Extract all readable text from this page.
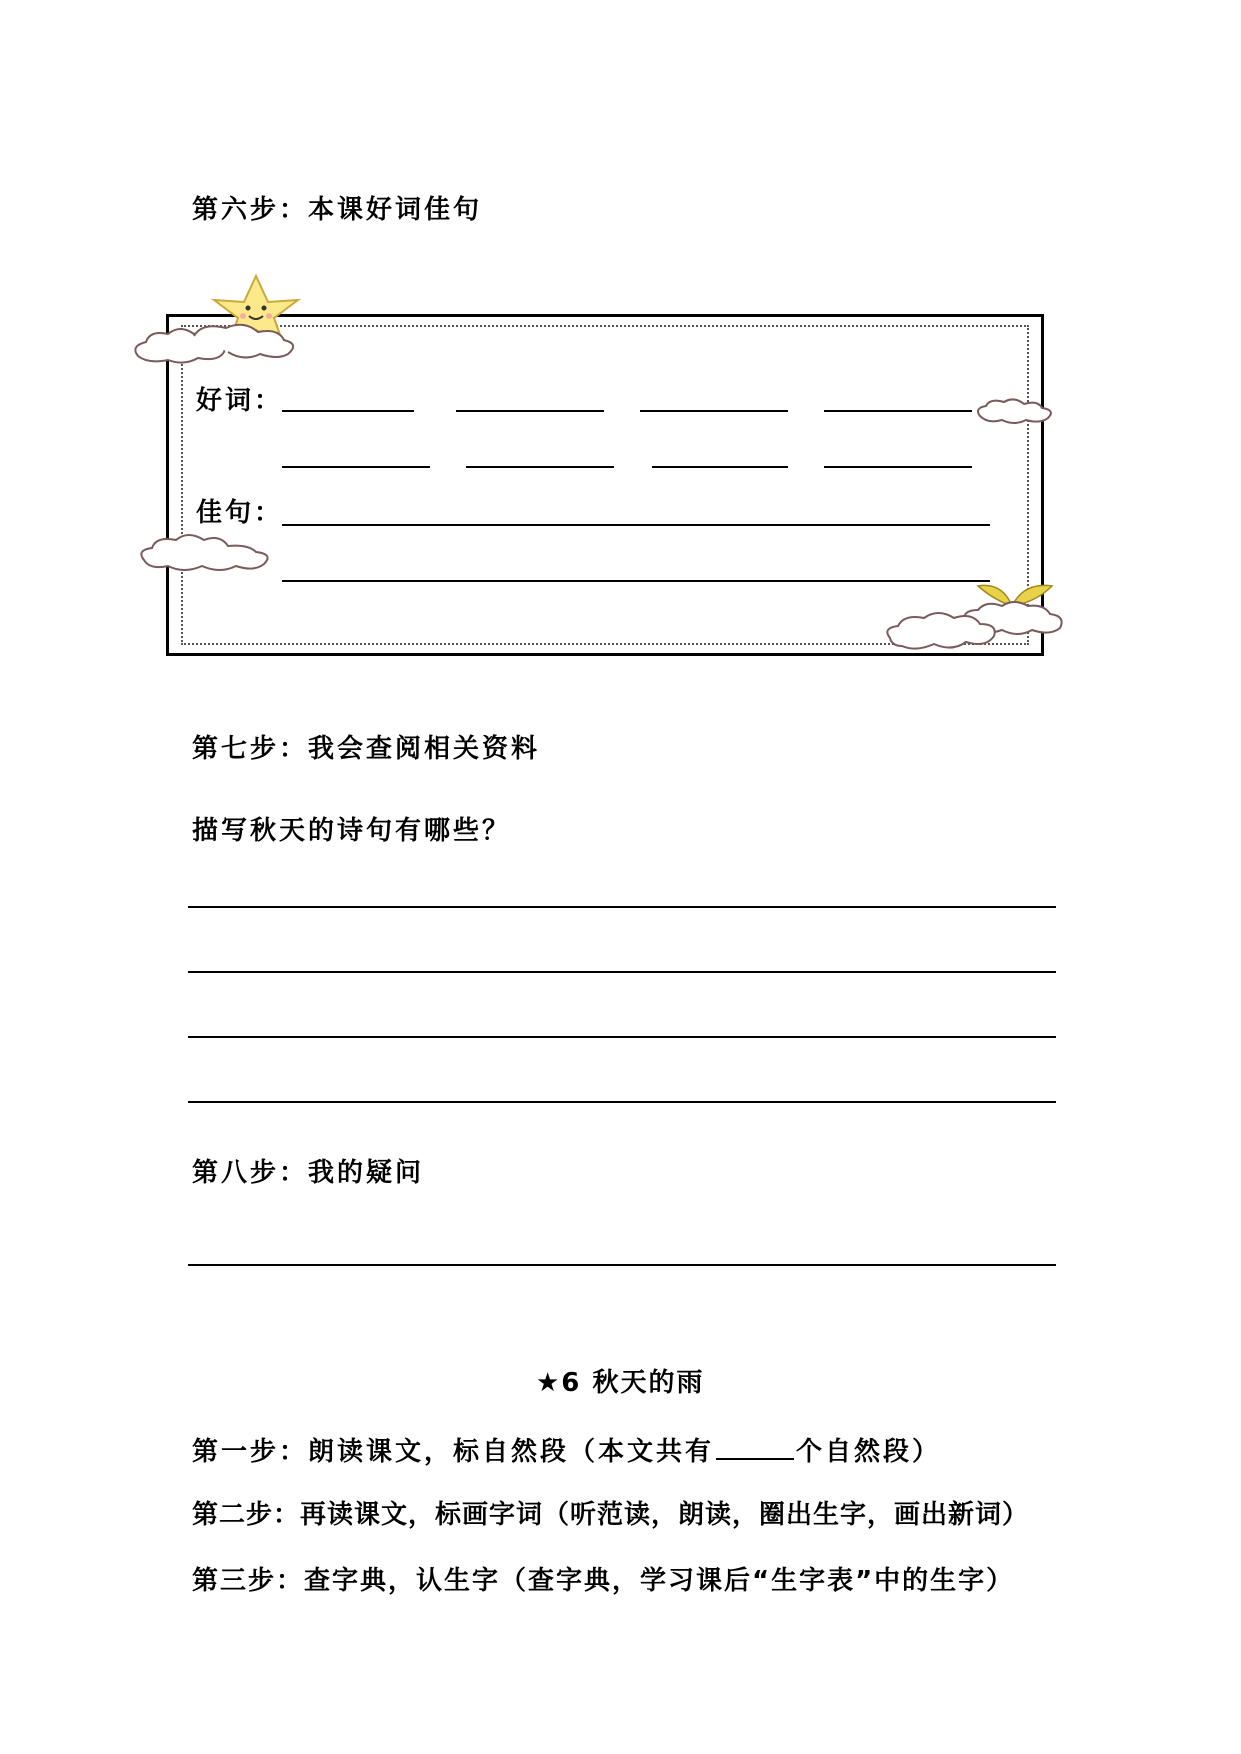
第六步：本课好词佳句
好词：
佳句：
第七步：我会查阅相关资料
描写秋天的诗句有哪些？
第八步：我的疑问
★6 秋天的雨
第一步：朗读课文，标自然段（本文共有	个自然段）
第二步：再读课文，标画字词（听范读，朗读，圈出生字，画出新词）
第三步：查字典，认生字（查字典，学习课后“生字表”中的生字）
